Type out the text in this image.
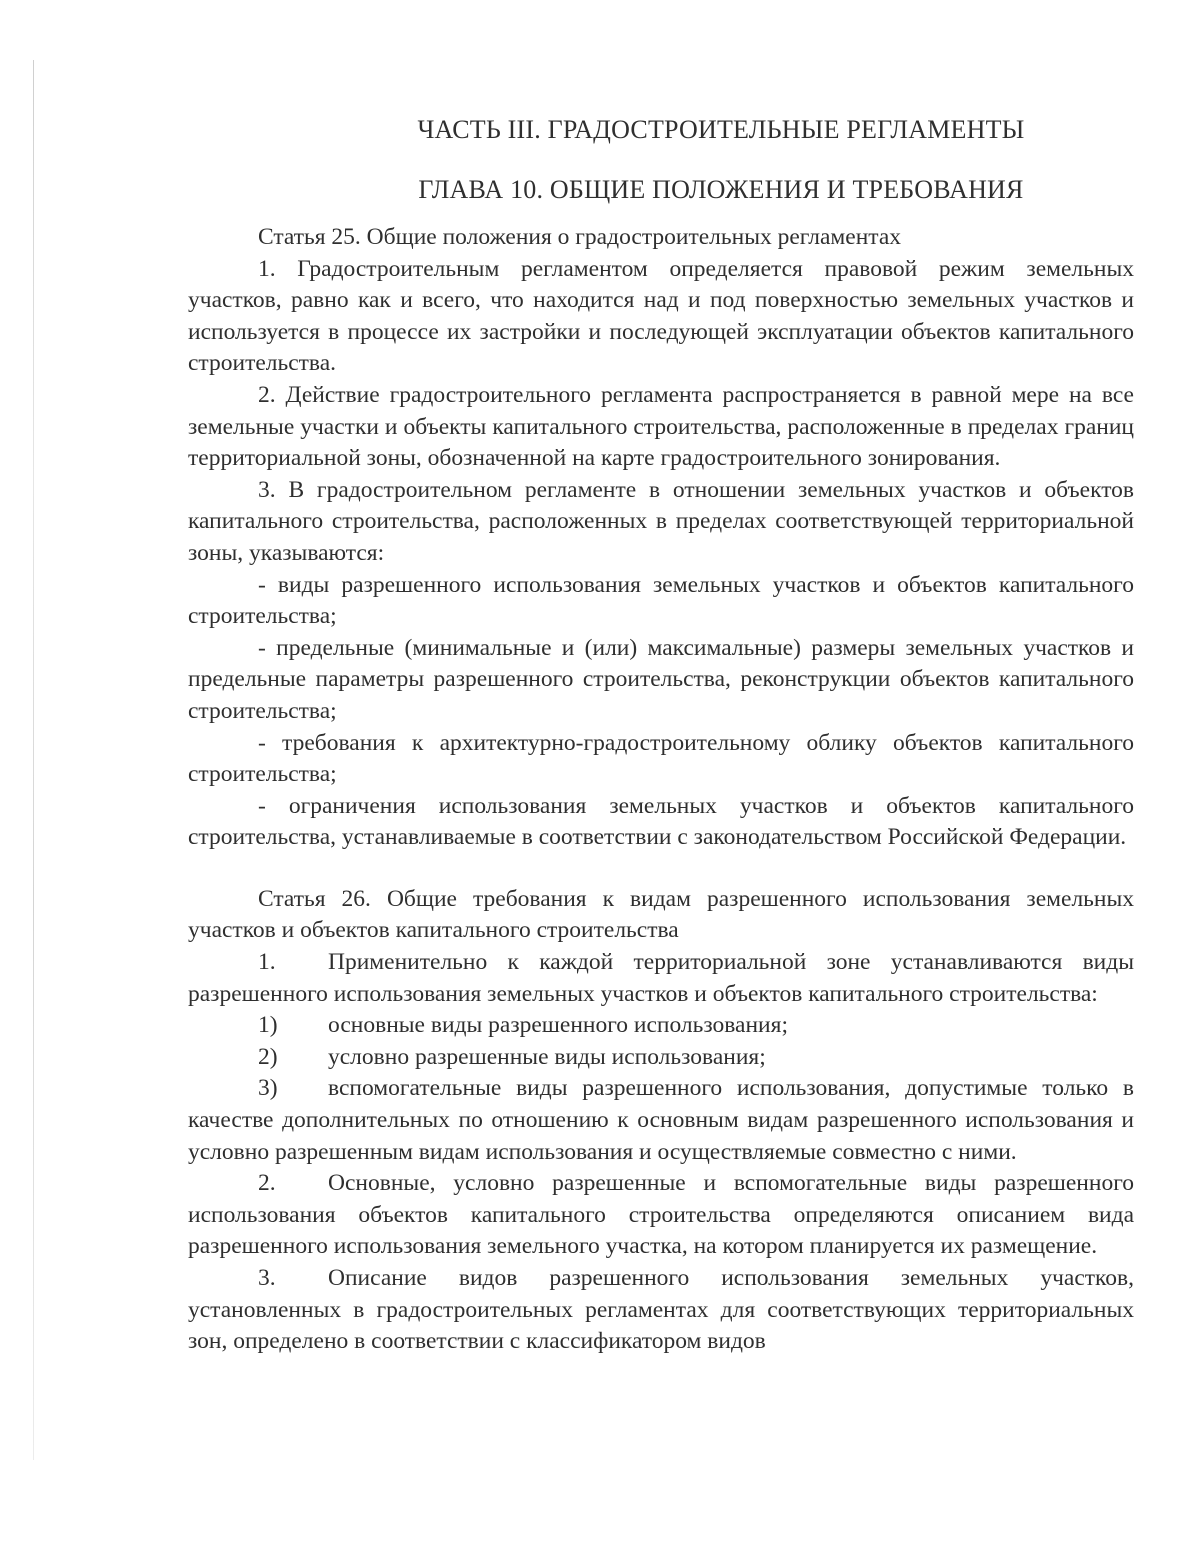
ЧАСТЬ III. ГРАДОСТРОИТЕЛЬНЫЕ РЕГЛАМЕНТЫ
ГЛАВА 10. ОБЩИЕ ПОЛОЖЕНИЯ И ТРЕБОВАНИЯ

Статья 25. Общие положения о градостроительных регламентах

1. Градостроительным регламентом определяется правовой режим земельных участков, равно как и всего, что находится над и под поверхностью земельных участков и используется в процессе их застройки и последующей эксплуатации объектов капитального строительства.

2. Действие градостроительного регламента распространяется в равной мере на все земельные участки и объекты капитального строительства, расположенные в пределах границ территориальной зоны, обозначенной на карте градостроительного зонирования.

3. В градостроительном регламенте в отношении земельных участков и объектов капитального строительства, расположенных в пределах соответствующей территориальной зоны, указываются:

- виды разрешенного использования земельных участков и объектов капитального строительства;

- предельные (минимальные и (или) максимальные) размеры земельных участков и предельные параметры разрешенного строительства, реконструкции объектов капитального строительства;

- требования к архитектурно-градостроительному облику объектов капитального строительства;

- ограничения использования земельных участков и объектов капитального строительства, устанавливаемые в соответствии с законодательством Российской Федерации.

Статья 26. Общие требования к видам разрешенного использования земельных участков и объектов капитального строительства

1. Применительно к каждой территориальной зоне устанавливаются виды разрешенного использования земельных участков и объектов капитального строительства:

1) основные виды разрешенного использования;

2) условно разрешенные виды использования;

3) вспомогательные виды разрешенного использования, допустимые только в качестве дополнительных по отношению к основным видам разрешенного использования и условно разрешенным видам использования и осуществляемые совместно с ними.

2. Основные, условно разрешенные и вспомогательные виды разрешенного использования объектов капитального строительства определяются описанием вида разрешенного использования земельного участка, на котором планируется их размещение.

3. Описание видов разрешенного использования земельных участков, установленных в градостроительных регламентах для соответствующих территориальных зон, определено в соответствии с классификатором видов
